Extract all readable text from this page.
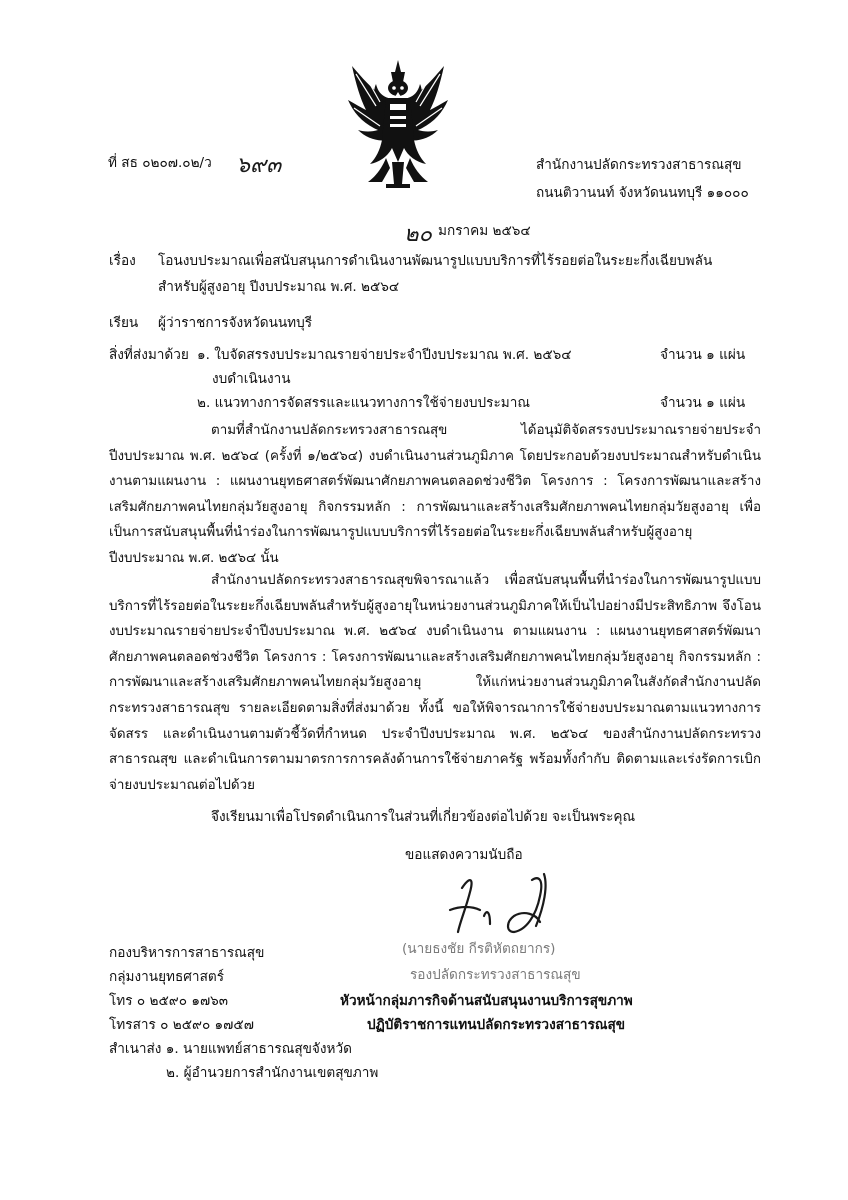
ที่ สธ ๐๒๐๗.๐๒/ว ๖๙๓	สำนักงานปลัดกระทรวงสาธารณสุข
ถนนติวานนท์ จังหวัดนนทบุรี ๑๑๐๐๐
๒๐ มกราคม ๒๕๖๔
เรื่อง โอนงบประมาณเพื่อสนับสนุนการดำเนินงานพัฒนารูปแบบบริการที่ไร้รอยต่อในระยะกึ่งเฉียบพลัน
สำหรับผู้สูงอายุ ปีงบประมาณ พ.ศ. ๒๕๖๔
เรียน ผู้ว่าราชการจังหวัดนนทบุรี
สิ่งที่ส่งมาด้วย ๑. ใบจัดสรรงบประมาณรายจ่ายประจำปีงบประมาณ พ.ศ. ๒๕๖๔	จำนวน ๑ แผ่น
งบดำเนินงาน
๒. แนวทางการจัดสรรและแนวทางการใช้จ่ายงบประมาณ	จำนวน ๑ แผ่น

ตามที่สำนักงานปลัดกระทรวงสาธารณสุข ได้อนุมัติจัดสรรงบประมาณรายจ่ายประจำปีงบประมาณ พ.ศ. ๒๕๖๔ (ครั้งที่ ๑/๒๕๖๔) งบดำเนินงานส่วนภูมิภาค โดยประกอบด้วยงบประมาณสำหรับดำเนินงานตามแผนงาน : แผนงานยุทธศาสตร์พัฒนาศักยภาพคนตลอดช่วงชีวิต โครงการ : โครงการพัฒนาและสร้างเสริมศักยภาพคนไทยกลุ่มวัยสูงอายุ กิจกรรมหลัก : การพัฒนาและสร้างเสริมศักยภาพคนไทยกลุ่มวัยสูงอายุ เพื่อเป็นการสนับสนุนพื้นที่นำร่องในการพัฒนารูปแบบบริการที่ไร้รอยต่อในระยะกึ่งเฉียบพลันสำหรับผู้สูงอายุ ปีงบประมาณ พ.ศ. ๒๕๖๔ นั้น

สำนักงานปลัดกระทรวงสาธารณสุขพิจารณาแล้ว เพื่อสนับสนุนพื้นที่นำร่องในการพัฒนารูปแบบบริการที่ไร้รอยต่อในระยะกึ่งเฉียบพลันสำหรับผู้สูงอายุในหน่วยงานส่วนภูมิภาคให้เป็นไปอย่างมีประสิทธิภาพ จึงโอนงบประมาณรายจ่ายประจำปีงบประมาณ พ.ศ. ๒๕๖๔ งบดำเนินงาน ตามแผนงาน : แผนงานยุทธศาสตร์พัฒนาศักยภาพคนตลอดช่วงชีวิต โครงการ : โครงการพัฒนาและสร้างเสริมศักยภาพคนไทยกลุ่มวัยสูงอายุ กิจกรรมหลัก : การพัฒนาและสร้างเสริมศักยภาพคนไทยกลุ่มวัยสูงอายุ ให้แก่หน่วยงานส่วนภูมิภาคในสังกัดสำนักงานปลัดกระทรวงสาธารณสุข รายละเอียดตามสิ่งที่ส่งมาด้วย ทั้งนี้ ขอให้พิจารณาการใช้จ่ายงบประมาณตามแนวทางการจัดสรร และดำเนินงานตามตัวชี้วัดที่กำหนด ประจำปีงบประมาณ พ.ศ. ๒๕๖๔ ของสำนักงานปลัดกระทรวงสาธารณสุข และดำเนินการตามมาตรการการคลังด้านการใช้จ่ายภาครัฐ พร้อมทั้งกำกับ ติดตามและเร่งรัดการเบิกจ่ายงบประมาณต่อไปด้วย

จึงเรียนมาเพื่อโปรดดำเนินการในส่วนที่เกี่ยวข้องต่อไปด้วย จะเป็นพระคุณ
ขอแสดงความนับถือ
(นายธงชัย กีรติหัตถยากร)
รองปลัดกระทรวงสาธารณสุข
หัวหน้ากลุ่มภารกิจด้านสนับสนุนงานบริการสุขภาพ
ปฏิบัติราชการแทนปลัดกระทรวงสาธารณสุข
กองบริหารการสาธารณสุข
กลุ่มงานยุทธศาสตร์
โทร ๐ ๒๕๙๐ ๑๗๖๓
โทรสาร ๐ ๒๕๙๐ ๑๗๕๗
สำเนาส่ง ๑. นายแพทย์สาธารณสุขจังหวัด
๒. ผู้อำนวยการสำนักงานเขตสุขภาพ
